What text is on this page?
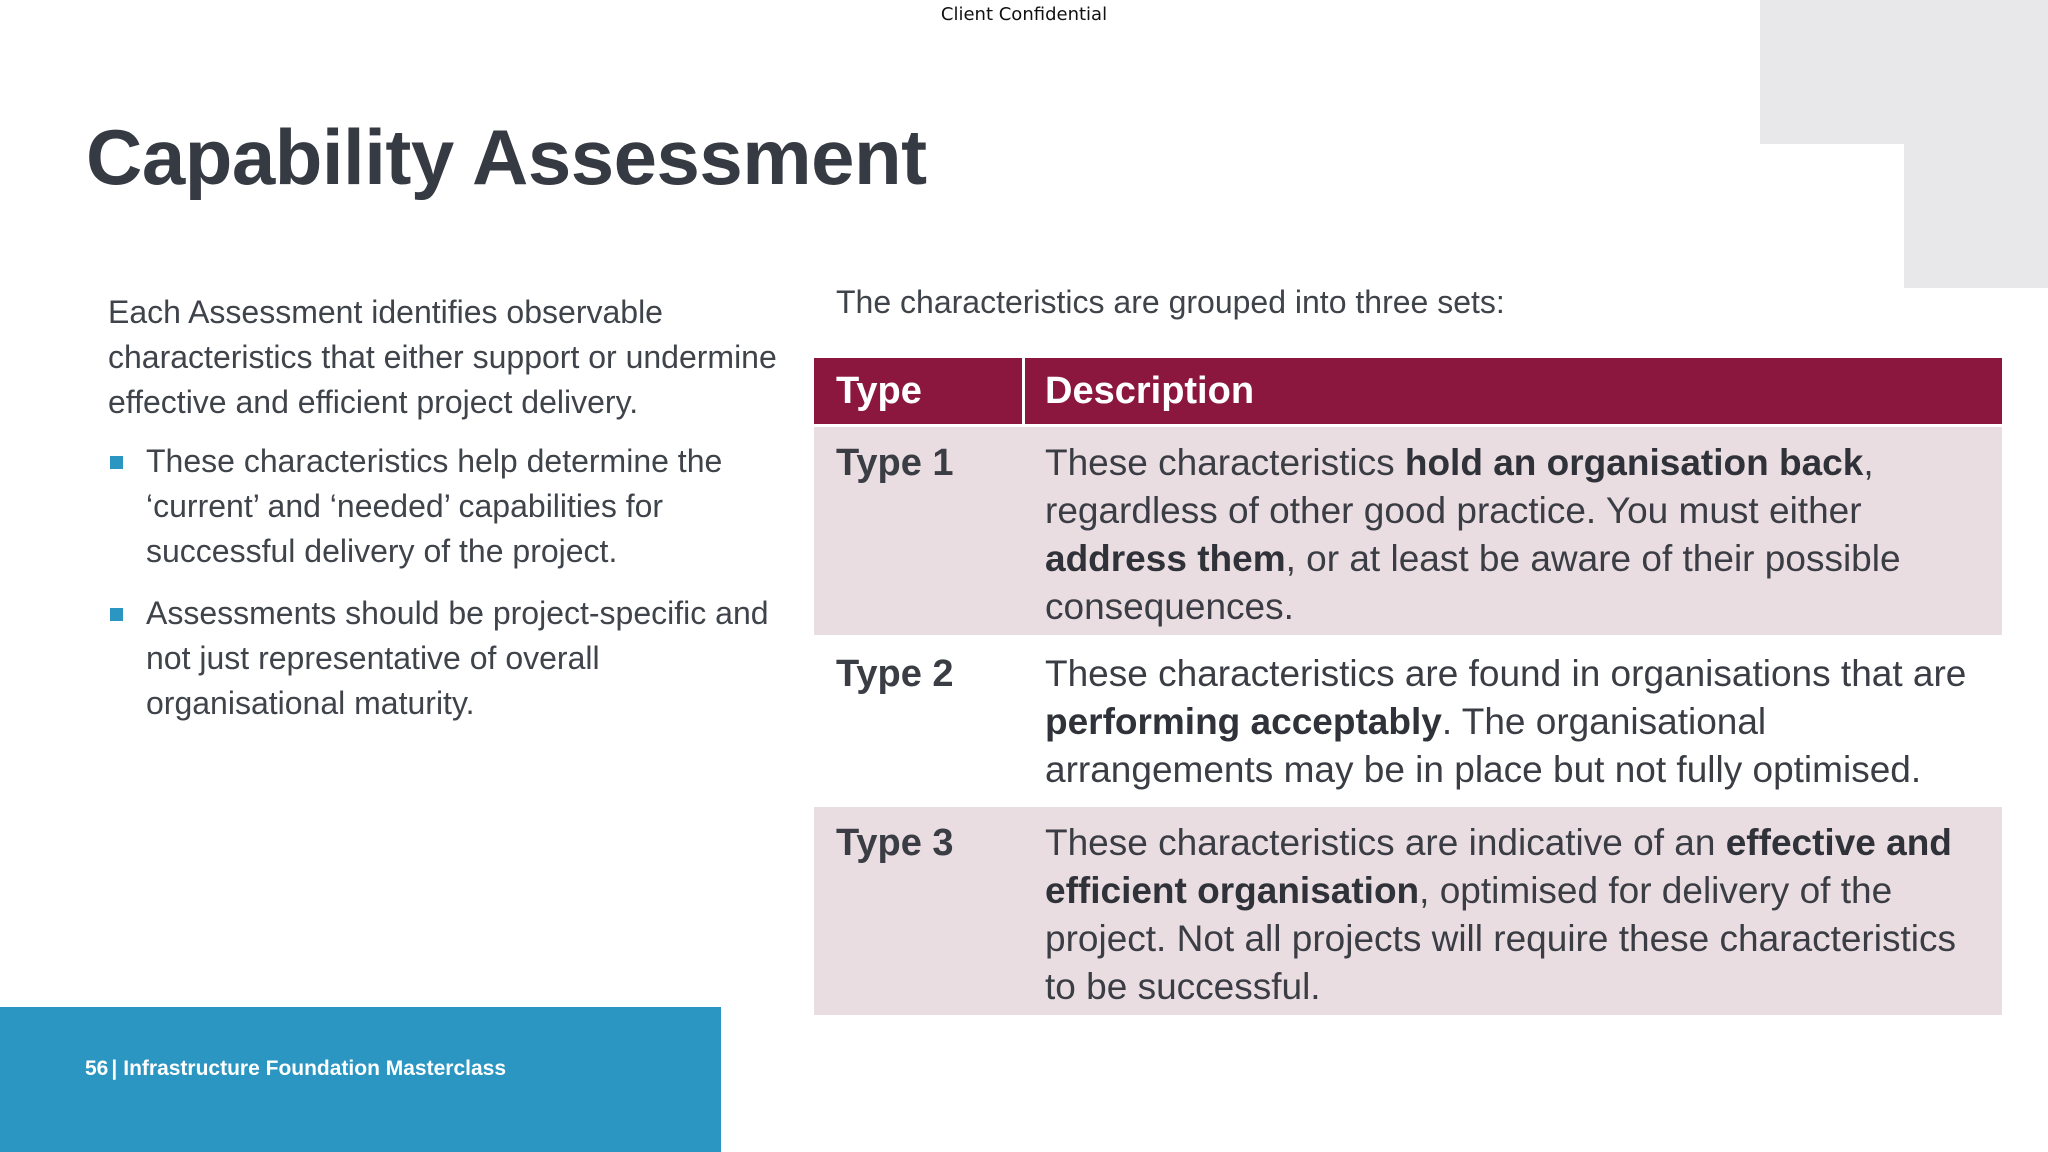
Client Confidential
Capability Assessment

Each Assessment identifies observable characteristics that either support or undermine effective and efficient project delivery.

These characteristics help determine the ‘current’ and ‘needed’ capabilities for successful delivery of the project.
Assessments should be project-specific and not just representative of overall organisational maturity.
The characteristics are grouped into three sets:
Type	Description
Type 1	These characteristics hold an organisation back, regardless of other good practice. You must either address them, or at least be aware of their possible consequences.
Type 2	These characteristics are found in organisations that are performing acceptably. The organisational arrangements may be in place but not fully optimised.
Type 3	These characteristics are indicative of an effective and efficient organisation, optimised for delivery of the project. Not all projects will require these characteristics to be successful.
56 | Infrastructure Foundation Masterclass
